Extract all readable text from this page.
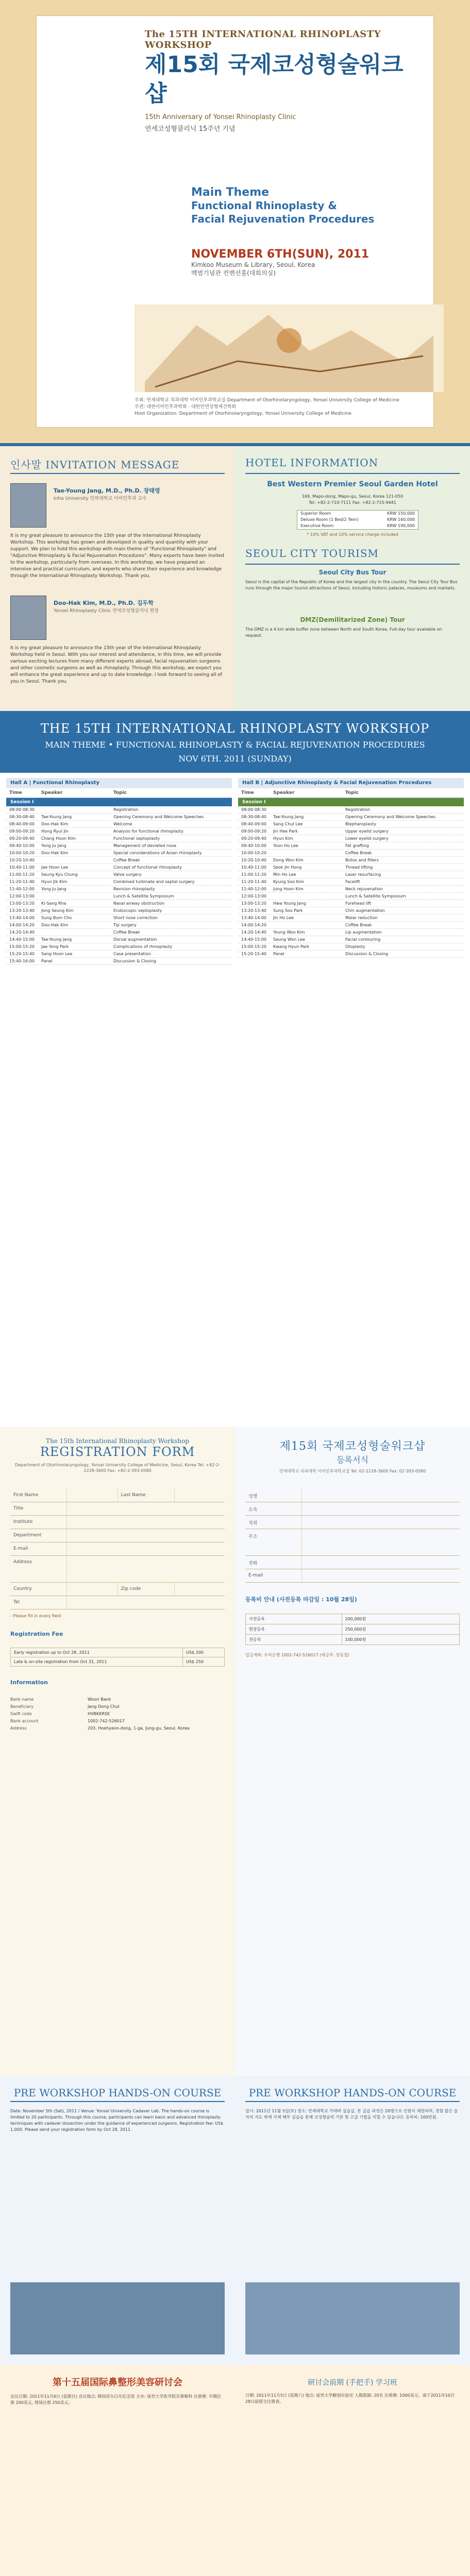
The 15TH INTERNATIONAL RHINOPLASTY WORKSHOP
제15회 국제코성형술워크샵
15th Anniversary of Yonsei Rhinoplasty Clinic
연세코성형클리닉 15주년 기념
Main Theme
Functional Rhinoplasty &
Facial Rejuvenation Procedures
NOVEMBER 6TH(SUN), 2011
Kimkoo Museum & Library, Seoul, Korea
백범기념관 컨벤션홀(대회의실)
주최: 연세대학교 의과대학 이비인후과학교실 Department of Otorhinolaryngology, Yonsei University College of Medicine
주관: 대한이비인후과학회 · 대한안면성형재건학회
Host Organization: Department of Otorhinolaryngology, Yonsei University College of Medicine
인사말 INVITATION MESSAGE
Tae-Young Jang, M.D., Ph.D. 장태영
Inha University 인하대학교 이비인후과 교수
It is my great pleasure to announce the 15th year of the International Rhinoplasty Workshop. This workshop has grown and developed in quality and quantity with your support. We plan to hold this workshop with main theme of "Functional Rhinoplasty" and "Adjunctive Rhinoplasty & Facial Rejuvenation Procedures". Many experts have been invited to the workshop, particularly from overseas. In this workshop, we have prepared an intensive and practical curriculum, and experts who share their experience and knowledge through the International Rhinoplasty Workshop. Thank you.
Doo-Hak Kim, M.D., Ph.D. 김두학
Yonsei Rhinoplasty Clinic 연세코성형클리닉 원장
It is my great pleasure to announce the 15th year of the International Rhinoplasty Workshop held in Seoul. With you our interest and attendance, in this time, we will provide various exciting lectures from many different experts abroad, facial rejuvenation surgeons and other cosmetic surgeons as well as rhinoplasty. Through this workshop, we expect you will enhance the great experience and up to date knowledge. I look forward to seeing all of you in Seoul. Thank you.
HOTEL INFORMATION
Best Western Premier Seoul Garden Hotel
169, Mapo-dong, Mapo-gu, Seoul, Korea 121-050
Tel: +82-2-710-7111 Fax: +82-2-715-9441
Superior Room	KRW 150,000
Deluxe Room (1 Bed/2 Twin)	KRW 160,000
Executive Room	KRW 190,000
* 10% VAT and 10% service charge included
SEOUL CITY TOURISM
Seoul City Bus Tour
Seoul is the capital of the Republic of Korea and the largest city in the country. The Seoul City Tour Bus runs through the major tourist attractions of Seoul, including historic palaces, museums and markets.
DMZ(Demilitarized Zone) Tour
The DMZ is a 4 km wide buffer zone between North and South Korea. Full-day tour available on request.
THE 15TH INTERNATIONAL RHINOPLASTY WORKSHOP
MAIN THEME • FUNCTIONAL RHINOPLASTY & FACIAL REJUVENATION PROCEDURES
NOV 6TH. 2011 (SUNDAY)
Hall A | Functional Rhinoplasty
Time	Speaker	Topic
Session I
08:00-08:30	Registration
08:30-08:40	Tae-Young Jang	Opening Ceremony and Welcome Speeches
08:40-09:00	Doo-Hak Kim	Welcome
09:00-09:20	Hong Ryul Jin	Analysis for functional rhinoplasty
09:20-09:40	Chang Hoon Kim	Functional septoplasty
09:40-10:00	Yong Ju Jang	Management of deviated nose
10:00-10:20	Doo-Hak Kim	Special considerations of Asian rhinoplasty
10:20-10:40	Coffee Break
10:40-11:00	Jae Hoon Lee	Concept of functional rhinoplasty
11:00-11:20	Seung Kyu Chung	Valve surgery
11:20-11:40	Hyun Jik Kim	Combined turbinate and septal surgery
11:40-12:00	Yong Ju Jang	Revision rhinoplasty
12:00-13:00	Lunch & Satellite Symposium
13:00-13:20	Ki-Sang Rha	Nasal airway obstruction
13:20-13:40	Jong Seung Kim	Endoscopic septoplasty
13:40-14:00	Sung Bum Cho	Short nose correction
14:00-14:20	Doo-Hak Kim	Tip surgery
14:20-14:40	Coffee Break
14:40-15:00	Tae-Young Jang	Dorsal augmentation
15:00-15:20	Jae Yong Park	Complications of rhinoplasty
15:20-15:40	Sang Hoon Lee	Case presentation
15:40-16:00	Panel	Discussion & Closing
Hall B | Adjunctive Rhinoplasty & Facial Rejuvenation Procedures
Time	Speaker	Topic
Session I
08:00-08:30	Registration
08:30-08:40	Tae-Young Jang	Opening Ceremony and Welcome Speeches
08:40-09:00	Sang Chul Lee	Blepharoplasty
09:00-09:20	Jin Hee Park	Upper eyelid surgery
09:20-09:40	Hyun Kim	Lower eyelid surgery
09:40-10:00	Yoon Ho Lee	Fat grafting
10:00-10:20	Coffee Break
10:20-10:40	Dong Won Kim	Botox and fillers
10:40-11:00	Seok Jin Hong	Thread lifting
11:00-11:20	Min Ho Lee	Laser resurfacing
11:20-11:40	Kyung Soo Kim	Facelift
11:40-12:00	Jung Hoon Kim	Neck rejuvenation
12:00-13:00	Lunch & Satellite Symposium
13:00-13:20	Hwa Young Jang	Forehead lift
13:20-13:40	Sung Soo Park	Chin augmentation
13:40-14:00	Jin Ho Lee	Malar reduction
14:00-14:20	Coffee Break
14:20-14:40	Young Woo Kim	Lip augmentation
14:40-15:00	Seung Won Lee	Facial contouring
15:00-15:20	Kwang Hyun Park	Otoplasty
15:20-15:40	Panel	Discussion & Closing
The 15th International Rhinoplasty Workshop
REGISTRATION FORM
Department of Otorhinolaryngology, Yonsei University College of Medicine, Seoul, Korea Tel: +82-2-2228-3600 Fax: +82-2-393-0580
First Name	Last Name
Title
Institute
Department
E-mail
Address
Country	Zip code
Tel
- Please fill in every field
Registration Fee
Early registration up to Oct 28, 2011	US$ 200
Late & on-site registration from Oct 31, 2011	US$ 250
Information
Bank name	Woori Bank
Beneficiary	Jang Dong Chul
Swift code	HVBKKRSE
Bank account	1002-742-526017
Address	203, Hoehyeon-dong, 1-ga, Jung-gu, Seoul, Korea
제15회 국제코성형술워크샵
등록서식
연세대학교 의과대학 이비인후과학교실 Tel: 02-2228-3600 Fax: 02-393-0580
성명
소속
직위
주소
전화
E-mail
등록비 안내 (사전등록 마감일 : 10월 28일)
사전등록	200,000원
현장등록	250,000원
전공의	100,000원
입금계좌: 우리은행 1002-742-526017 (예금주: 장동철)
PRE WORKSHOP HANDS-ON COURSE
Date: November 5th (Sat), 2011 / Venue: Yonsei University Cadaver Lab. The hands-on course is limited to 20 participants. Through this course, participants can learn basic and advanced rhinoplasty techniques with cadaver dissection under the guidance of experienced surgeons. Registration fee: US$ 1,000. Please send your registration form by Oct 28, 2011.
PRE WORKSHOP HANDS-ON COURSE
일시: 2011년 11월 5일(토) 장소: 연세대학교 카데바 실습실. 본 실습 과정은 20명으로 인원이 제한되며, 경험 많은 술자의 지도 하에 사체 해부 실습을 통해 코성형술의 기본 및 고급 기법을 익힐 수 있습니다. 등록비: 100만원.
第十五届国际鼻整形美容研讨会
会议日期: 2011年11月6日 (星期日) 会议地点: 韩国首尔白凡纪念馆 主办: 延世大学医学院耳鼻喉科 注册费: 早期注册 200美元, 现场注册 250美元。
研讨会前期 (手把手) 学习班
日期: 2011年11月5日 (星期六) 地点: 延世大学解剖实验室 人数限制: 20名 注册费: 1000美元。请于2011年10月28日前提交注册表。
